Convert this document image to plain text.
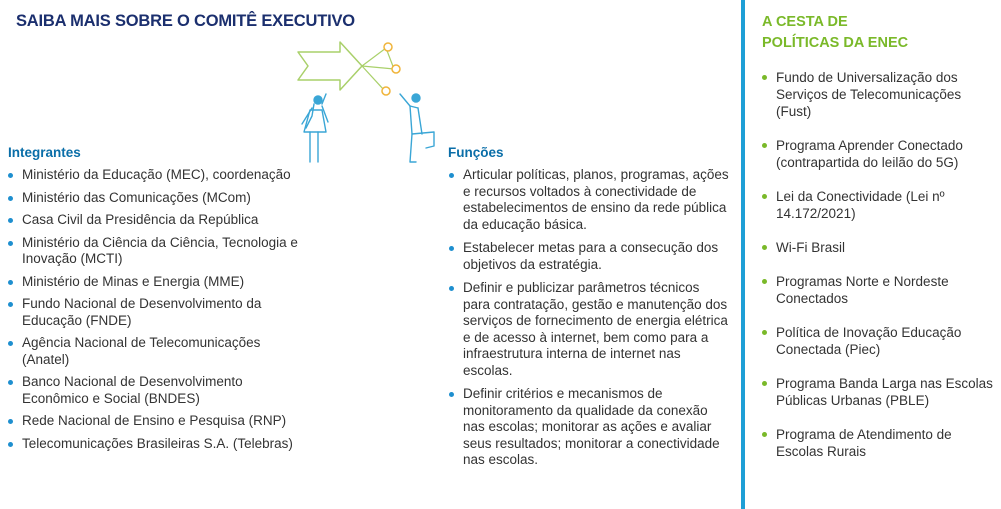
SAIBA MAIS SOBRE O COMITÊ EXECUTIVO
Integrantes
Ministério da Educação (MEC), coordenação
Ministério das Comunicações (MCom)
Casa Civil da Presidência da República
Ministério da Ciência da Ciência, Tecnologia e Inovação (MCTI)
Ministério de Minas e Energia (MME)
Fundo Nacional de Desenvolvimento da Educação (FNDE)
Agência Nacional de Telecomunicações (Anatel)
Banco Nacional de Desenvolvimento Econômico e Social (BNDES)
Rede Nacional de Ensino e Pesquisa (RNP)
Telecomunicações Brasileiras S.A. (Telebras)
Funções
Articular políticas, planos, programas, ações e recursos voltados à conectividade de estabelecimentos de ensino da rede pública da educação básica.
Estabelecer metas para a consecução dos objetivos da estratégia.
Definir e publicizar parâmetros técnicos para contratação, gestão e manutenção dos serviços de fornecimento de energia elétrica e de acesso à internet, bem como para a infraestrutura interna de internet nas escolas.
Definir critérios e mecanismos de monitoramento da qualidade da conexão nas escolas; monitorar as ações e avaliar seus resultados; monitorar a conectividade nas escolas.
A CESTA DE
POLÍTICAS DA ENEC
Fundo de Universalização dos Serviços de Telecomunicações (Fust)
Programa Aprender Conectado (contrapartida do leilão do 5G)
Lei da Conectividade (Lei nº 14.172/2021)
Wi-Fi Brasil
Programas Norte e Nordeste Conectados
Política de Inovação Educação Conectada (Piec)
Programa Banda Larga nas Escolas Públicas Urbanas (PBLE)
Programa de Atendimento de Escolas Rurais
